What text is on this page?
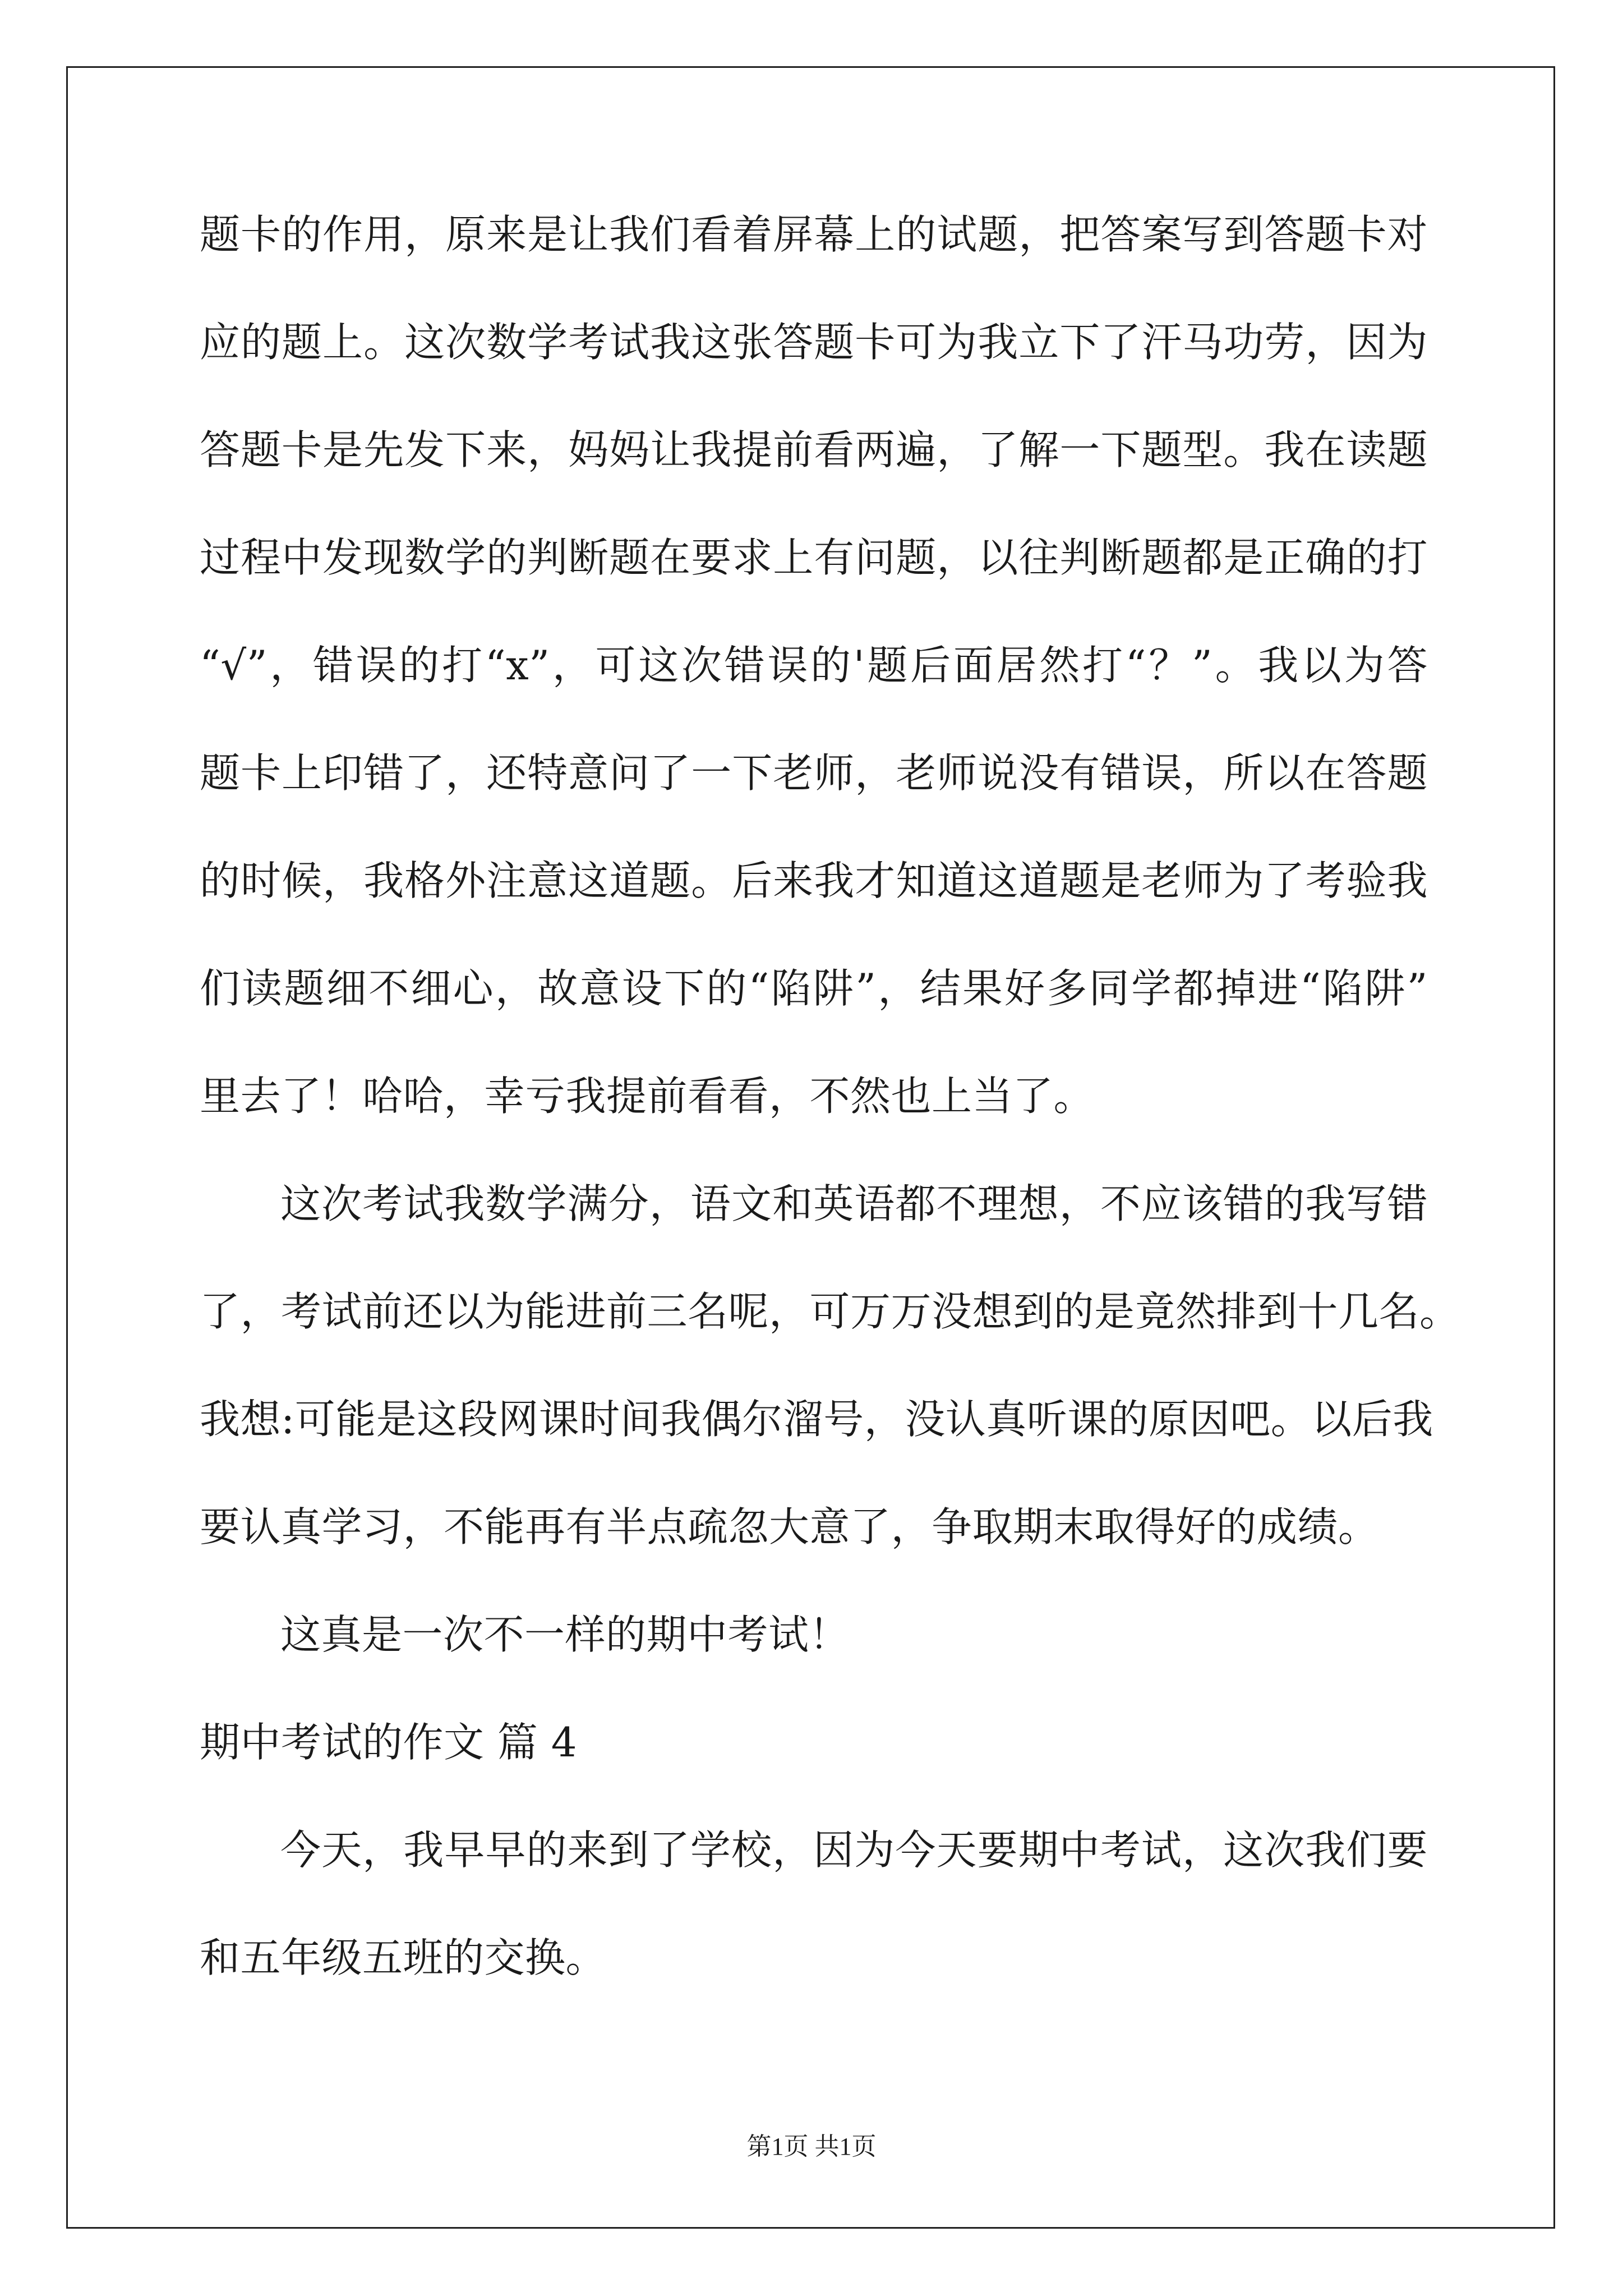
题卡的作用，原来是让我们看着屏幕上的试题，把答案写到答题卡对
应的题上。这次数学考试我这张答题卡可为我立下了汗马功劳，因为
答题卡是先发下来，妈妈让我提前看两遍，了解一下题型。我在读题
过程中发现数学的判断题在要求上有问题，以往判断题都是正确的打
“√”，错误的打“x”，可这次错误的'题后面居然打“？”。我以为答
题卡上印错了，还特意问了一下老师，老师说没有错误，所以在答题
的时候，我格外注意这道题。后来我才知道这道题是老师为了考验我
们读题细不细心，故意设下的“陷阱”，结果好多同学都掉进“陷阱”
里去了！哈哈，幸亏我提前看看，不然也上当了。
这次考试我数学满分，语文和英语都不理想，不应该错的我写错
了，考试前还以为能进前三名呢，可万万没想到的是竟然排到十几名。
我想:可能是这段网课时间我偶尔溜号，没认真听课的原因吧。以后我
要认真学习，不能再有半点疏忽大意了，争取期末取得好的成绩。
这真是一次不一样的期中考试！
期中考试的作文 篇 4
今天，我早早的来到了学校，因为今天要期中考试，这次我们要
和五年级五班的交换。
第1页 共1页
